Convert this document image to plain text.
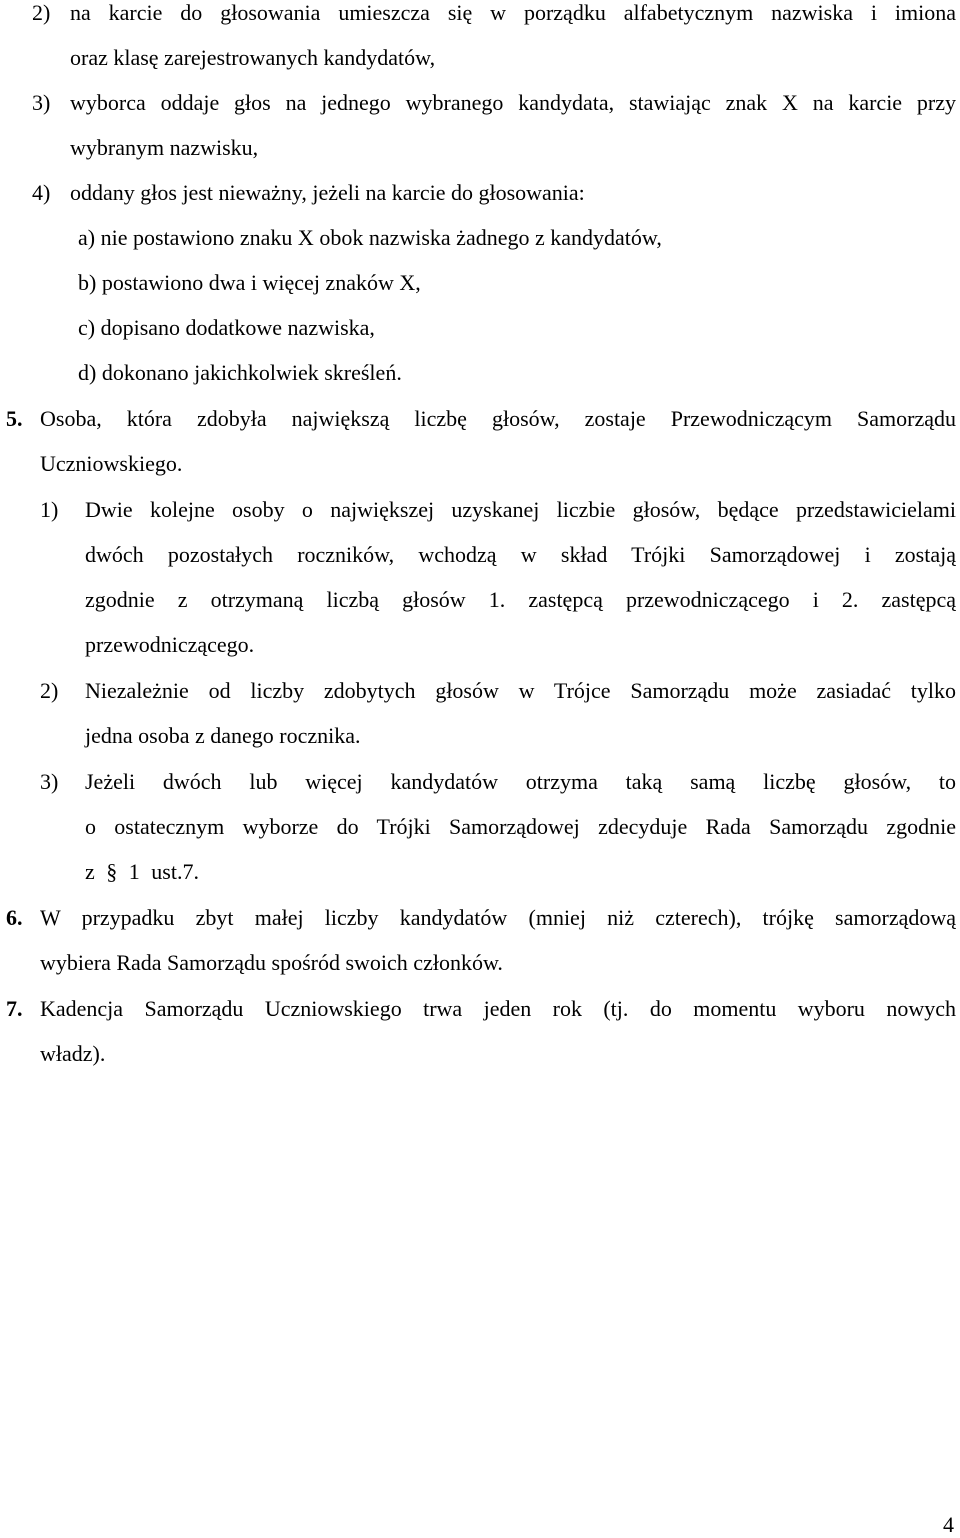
2) na karcie do głosowania umieszcza się w porządku alfabetycznym nazwiska i imiona
oraz klasę zarejestrowanych kandydatów,
3) wyborca oddaje głos na jednego wybranego kandydata, stawiając znak X na karcie przy
wybranym nazwisku,
4) oddany głos jest nieważny, jeżeli na karcie do głosowania:
a) nie postawiono znaku X obok nazwiska żadnego z kandydatów,
b) postawiono dwa i więcej znaków X,
c) dopisano dodatkowe nazwiska,
d) dokonano jakichkolwiek skreśleń.
5. Osoba, która zdobyła największą liczbę głosów, zostaje Przewodniczącym Samorządu
Uczniowskiego.
1) Dwie kolejne osoby o największej uzyskanej liczbie głosów, będące przedstawicielami
dwóch pozostałych roczników, wchodzą w skład Trójki Samorządowej i zostają
zgodnie z otrzymaną liczbą głosów 1. zastępcą przewodniczącego i 2. zastępcą
przewodniczącego.
2) Niezależnie od liczby zdobytych głosów w Trójce Samorządu może zasiadać tylko
jedna osoba z danego rocznika.
3) Jeżeli dwóch lub więcej kandydatów otrzyma taką samą liczbę głosów, to
o ostatecznym wyborze do Trójki Samorządowej zdecyduje Rada Samorządu zgodnie
z § 1 ust.7.
6. W przypadku zbyt małej liczby kandydatów (mniej niż czterech), trójkę samorządową
wybiera Rada Samorządu spośród swoich członków.
7. Kadencja Samorządu Uczniowskiego trwa jeden rok (tj. do momentu wyboru nowych
władz).
4
